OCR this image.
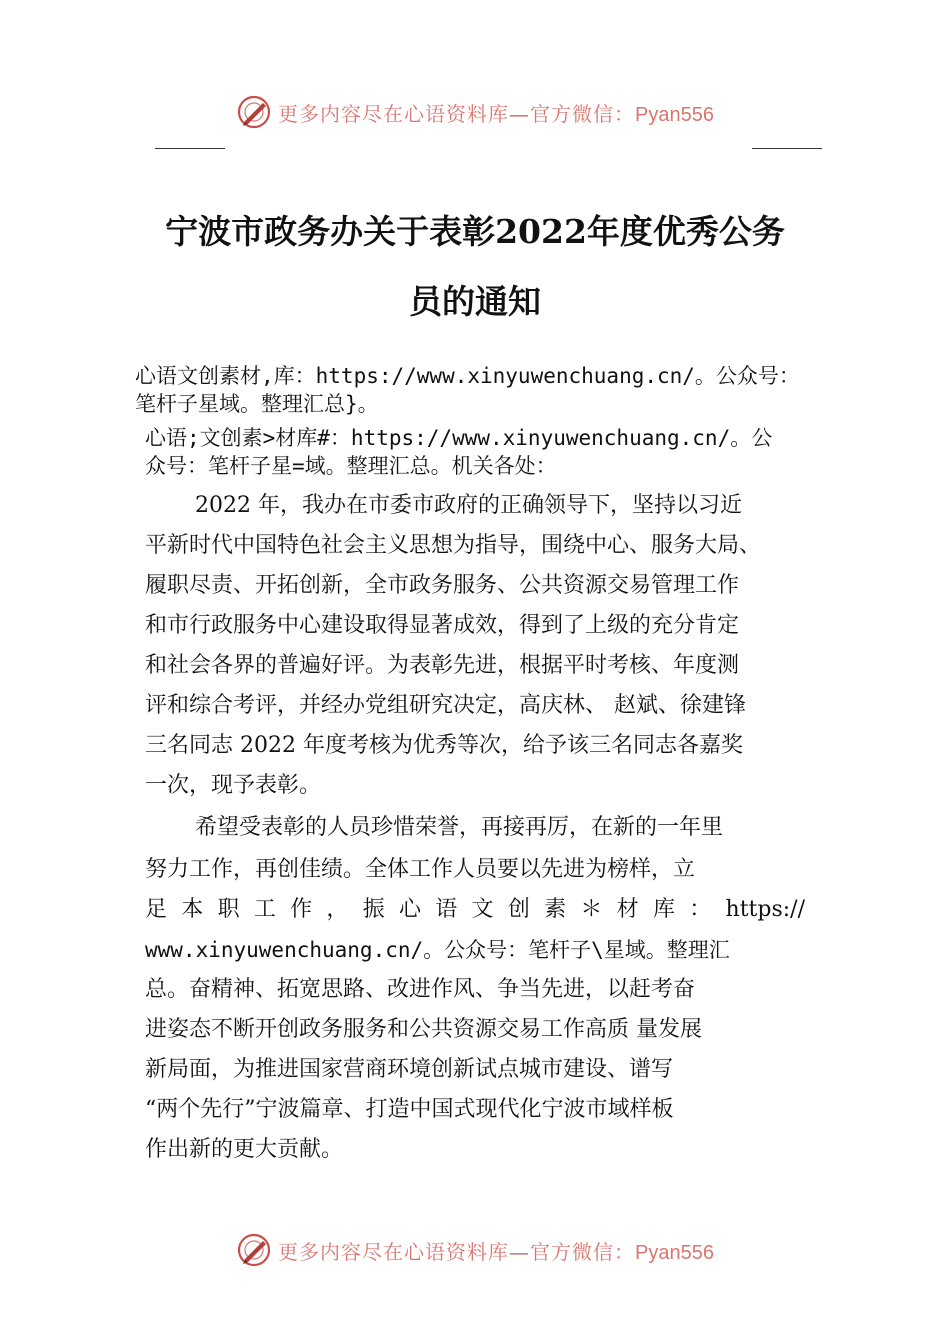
更多内容尽在心语资料库—官方微信：Pyan556
宁波市政务办关于表彰2022年度优秀公务
员的通知
心语文创素材,库：https://www.xinyuwenchuang.cn/。公众号：
笔杆子星域。整理汇总}。
心语;文创素>材库#：https://www.xinyuwenchuang.cn/。公
众号：笔杆子星=域。整理汇总。机关各处：
2022 年，我办在市委市政府的正确领导下，坚持以习近
平新时代中国特色社会主义思想为指导，围绕中心、服务大局、
履职尽责、开拓创新，全市政务服务、公共资源交易管理工作
和市行政服务中心建设取得显著成效，得到了上级的充分肯定
和社会各界的普遍好评。为表彰先进，根据平时考核、年度测
评和综合考评，并经办党组研究决定，高庆林、 赵斌、徐建锋
三名同志 2022 年度考核为优秀等次，给予该三名同志各嘉奖
一次，现予表彰。
希望受表彰的人员珍惜荣誉，再接再厉，在新的一年里
努力工作，再创佳绩。全体工作人员要以先进为榜样，立
足本职工作，振心语文创素＊材库：https://
www.xinyuwenchuang.cn/。公众号：笔杆子\星域。整理汇
总。奋精神、拓宽思路、改进作风、争当先进，以赶考奋
进姿态不断开创政务服务和公共资源交易工作高质 量发展
新局面，为推进国家营商环境创新试点城市建设、谱写
“两个先行”宁波篇章、打造中国式现代化宁波市域样板
作出新的更大贡献。
更多内容尽在心语资料库—官方微信：Pyan556
